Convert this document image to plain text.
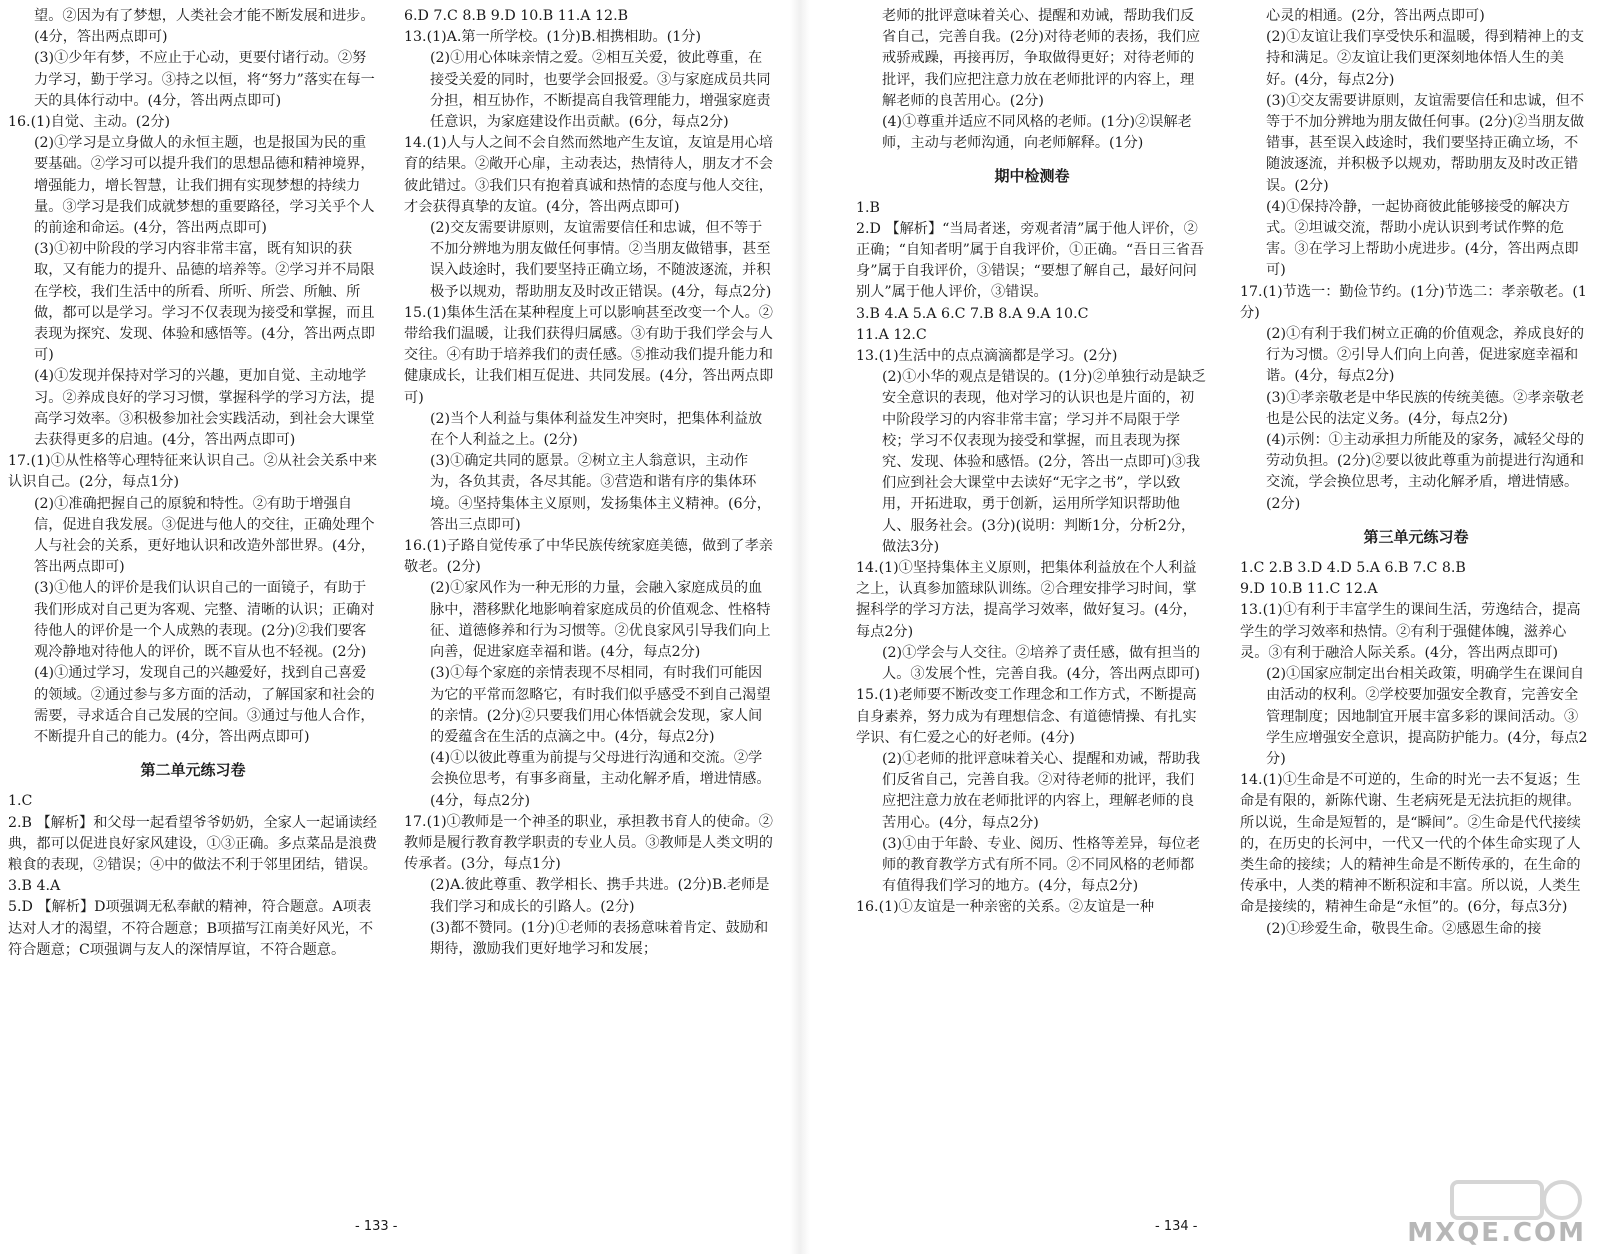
望。②因为有了梦想，人类社会才能不断发展和进步。(4分，答出两点即可)

(3)①少年有梦，不应止于心动，更要付诸行动。②努力学习，勤于学习。③持之以恒，将“努力”落实在每一天的具体行动中。(4分，答出两点即可)

16.(1)自觉、主动。(2分)

(2)①学习是立身做人的永恒主题，也是报国为民的重要基础。②学习可以提升我们的思想品德和精神境界，增强能力，增长智慧，让我们拥有实现梦想的持续力量。③学习是我们成就梦想的重要路径，学习关乎个人的前途和命运。(4分，答出两点即可)

(3)①初中阶段的学习内容非常丰富，既有知识的获取，又有能力的提升、品德的培养等。②学习并不局限在学校，我们生活中的所看、所听、所尝、所触、所做，都可以是学习。学习不仅表现为接受和掌握，而且表现为探究、发现、体验和感悟等。(4分，答出两点即可)

(4)①发现并保持对学习的兴趣，更加自觉、主动地学习。②养成良好的学习习惯，掌握科学的学习方法，提高学习效率。③积极参加社会实践活动，到社会大课堂去获得更多的启迪。(4分，答出两点即可)

17.(1)①从性格等心理特征来认识自己。②从社会关系中来认识自己。(2分，每点1分)

(2)①准确把握自己的原貌和特性。②有助于增强自信，促进自我发展。③促进与他人的交往，正确处理个人与社会的关系，更好地认识和改造外部世界。(4分，答出两点即可)

(3)①他人的评价是我们认识自己的一面镜子，有助于我们形成对自己更为客观、完整、清晰的认识；正确对待他人的评价是一个人成熟的表现。(2分)②我们要客观冷静地对待他人的评价，既不盲从也不轻视。(2分)

(4)①通过学习，发现自己的兴趣爱好，找到自己喜爱的领域。②通过参与多方面的活动，了解国家和社会的需要，寻求适合自己发展的空间。③通过与他人合作，不断提升自己的能力。(4分，答出两点即可)

第二单元练习卷

1.C

2.B 【解析】和父母一起看望爷爷奶奶，全家人一起诵读经典，都可以促进良好家风建设，①③正确。多点菜品是浪费粮食的表现，②错误；④中的做法不利于邻里团结，错误。

3.B 4.A

5.D 【解析】D项强调无私奉献的精神，符合题意。A项表达对人才的渴望，不符合题意；B项描写江南美好风光，不符合题意；C项强调与友人的深情厚谊，不符合题意。

6.D 7.C 8.B 9.D 10.B 11.A 12.B

13.(1)A.第一所学校。(1分)B.相携相助。(1分)

(2)①用心体味亲情之爱。②相互关爱，彼此尊重，在接受关爱的同时，也要学会回报爱。③与家庭成员共同分担，相互协作，不断提高自我管理能力，增强家庭责任意识，为家庭建设作出贡献。(6分，每点2分)

14.(1)人与人之间不会自然而然地产生友谊，友谊是用心培育的结果。②敞开心扉，主动表达，热情待人，朋友才不会彼此错过。③我们只有抱着真诚和热情的态度与他人交往，才会获得真挚的友谊。(4分，答出两点即可)

(2)交友需要讲原则，友谊需要信任和忠诚，但不等于不加分辨地为朋友做任何事情。②当朋友做错事，甚至误入歧途时，我们要坚持正确立场，不随波逐流，并积极予以规劝，帮助朋友及时改正错误。(4分，每点2分)

15.(1)集体生活在某种程度上可以影响甚至改变一个人。②带给我们温暖，让我们获得归属感。③有助于我们学会与人交往。④有助于培养我们的责任感。⑤推动我们提升能力和健康成长，让我们相互促进、共同发展。(4分，答出两点即可)

(2)当个人利益与集体利益发生冲突时，把集体利益放在个人利益之上。(2分)

(3)①确定共同的愿景。②树立主人翁意识，主动作为，各负其责，各尽其能。③营造和谐有序的集体环境。④坚持集体主义原则，发扬集体主义精神。(6分，答出三点即可)

16.(1)子路自觉传承了中华民族传统家庭美德，做到了孝亲敬老。(2分)

(2)①家风作为一种无形的力量，会融入家庭成员的血脉中，潜移默化地影响着家庭成员的价值观念、性格特征、道德修养和行为习惯等。②优良家风引导我们向上向善，促进家庭幸福和谐。(4分，每点2分)

(3)①每个家庭的亲情表现不尽相同，有时我们可能因为它的平常而忽略它，有时我们似乎感受不到自己渴望的亲情。(2分)②只要我们用心体悟就会发现，家人间的爱蕴含在生活的点滴之中。(4分，每点2分)

(4)①以彼此尊重为前提与父母进行沟通和交流。②学会换位思考，有事多商量，主动化解矛盾，增进情感。(4分，每点2分)

17.(1)①教师是一个神圣的职业，承担教书育人的使命。②教师是履行教育教学职责的专业人员。③教师是人类文明的传承者。(3分，每点1分)

(2)A.彼此尊重、教学相长、携手共进。(2分)B.老师是我们学习和成长的引路人。(2分)

(3)都不赞同。(1分)①老师的表扬意味着肯定、鼓励和期待，激励我们更好地学习和发展；

- 133 -

老师的批评意味着关心、提醒和劝诫，帮助我们反省自己，完善自我。(2分)对待老师的表扬，我们应戒骄戒躁，再接再厉，争取做得更好；对待老师的批评，我们应把注意力放在老师批评的内容上，理解老师的良苦用心。(2分)

(4)①尊重并适应不同风格的老师。(1分)②误解老师，主动与老师沟通，向老师解释。(1分)

期中检测卷

1.B

2.D 【解析】“当局者迷，旁观者清”属于他人评价，②正确；“自知者明”属于自我评价，①正确。“吾日三省吾身”属于自我评价，③错误；“要想了解自己，最好问问别人”属于他人评价，③错误。

3.B 4.A 5.A 6.C 7.B 8.A 9.A 10.C

11.A 12.C

13.(1)生活中的点点滴滴都是学习。(2分)

(2)①小华的观点是错误的。(1分)②单独行动是缺乏安全意识的表现，他对学习的认识也是片面的，初中阶段学习的内容非常丰富；学习并不局限于学校；学习不仅表现为接受和掌握，而且表现为探究、发现、体验和感悟。(2分，答出一点即可)③我们应到社会大课堂中去读好“无字之书”，学以致用，开拓进取，勇于创新，运用所学知识帮助他人、服务社会。(3分)(说明：判断1分，分析2分，做法3分)

14.(1)①坚持集体主义原则，把集体利益放在个人利益之上，认真参加篮球队训练。②合理安排学习时间，掌握科学的学习方法，提高学习效率，做好复习。(4分，每点2分)

(2)①学会与人交往。②培养了责任感，做有担当的人。③发展个性，完善自我。(4分，答出两点即可)

15.(1)老师要不断改变工作理念和工作方式，不断提高自身素养，努力成为有理想信念、有道德情操、有扎实学识、有仁爱之心的好老师。(4分)

(2)①老师的批评意味着关心、提醒和劝诫，帮助我们反省自己，完善自我。②对待老师的批评，我们应把注意力放在老师批评的内容上，理解老师的良苦用心。(4分，每点2分)

(3)①由于年龄、专业、阅历、性格等差异，每位老师的教育教学方式有所不同。②不同风格的老师都有值得我们学习的地方。(4分，每点2分)

16.(1)①友谊是一种亲密的关系。②友谊是一种

心灵的相通。(2分，答出两点即可)

(2)①友谊让我们享受快乐和温暖，得到精神上的支持和满足。②友谊让我们更深刻地体悟人生的美好。(4分，每点2分)

(3)①交友需要讲原则，友谊需要信任和忠诚，但不等于不加分辨地为朋友做任何事。(2分)②当朋友做错事，甚至误入歧途时，我们要坚持正确立场，不随波逐流，并积极予以规劝，帮助朋友及时改正错误。(2分)

(4)①保持冷静，一起协商彼此能够接受的解决方式。②坦诚交流，帮助小虎认识到考试作弊的危害。③在学习上帮助小虎进步。(4分，答出两点即可)

17.(1)节选一：勤俭节约。(1分)节选二：孝亲敬老。(1分)

(2)①有利于我们树立正确的价值观念，养成良好的行为习惯。②引导人们向上向善，促进家庭幸福和谐。(4分，每点2分)

(3)①孝亲敬老是中华民族的传统美德。②孝亲敬老也是公民的法定义务。(4分，每点2分)

(4)示例：①主动承担力所能及的家务，减轻父母的劳动负担。(2分)②要以彼此尊重为前提进行沟通和交流，学会换位思考，主动化解矛盾，增进情感。(2分)

第三单元练习卷

1.C 2.B 3.D 4.D 5.A 6.B 7.C 8.B

9.D 10.B 11.C 12.A

13.(1)①有利于丰富学生的课间生活，劳逸结合，提高学生的学习效率和热情。②有利于强健体魄，滋养心灵。③有利于融洽人际关系。(4分，答出两点即可)

(2)①国家应制定出台相关政策，明确学生在课间自由活动的权利。②学校要加强安全教育，完善安全管理制度；因地制宜开展丰富多彩的课间活动。③学生应增强安全意识，提高防护能力。(4分，每点2分)

14.(1)①生命是不可逆的，生命的时光一去不复返；生命是有限的，新陈代谢、生老病死是无法抗拒的规律。所以说，生命是短暂的，是“瞬间”。②生命是代代接续的，在历史的长河中，一代又一代的个体生命实现了人类生命的接续；人的精神生命是不断传承的，在生命的传承中，人类的精神不断积淀和丰富。所以说，人类生命是接续的，精神生命是“永恒”的。(6分，每点3分)

(2)①珍爱生命，敬畏生命。②感恩生命的接

- 134 -	MXQE.COM
